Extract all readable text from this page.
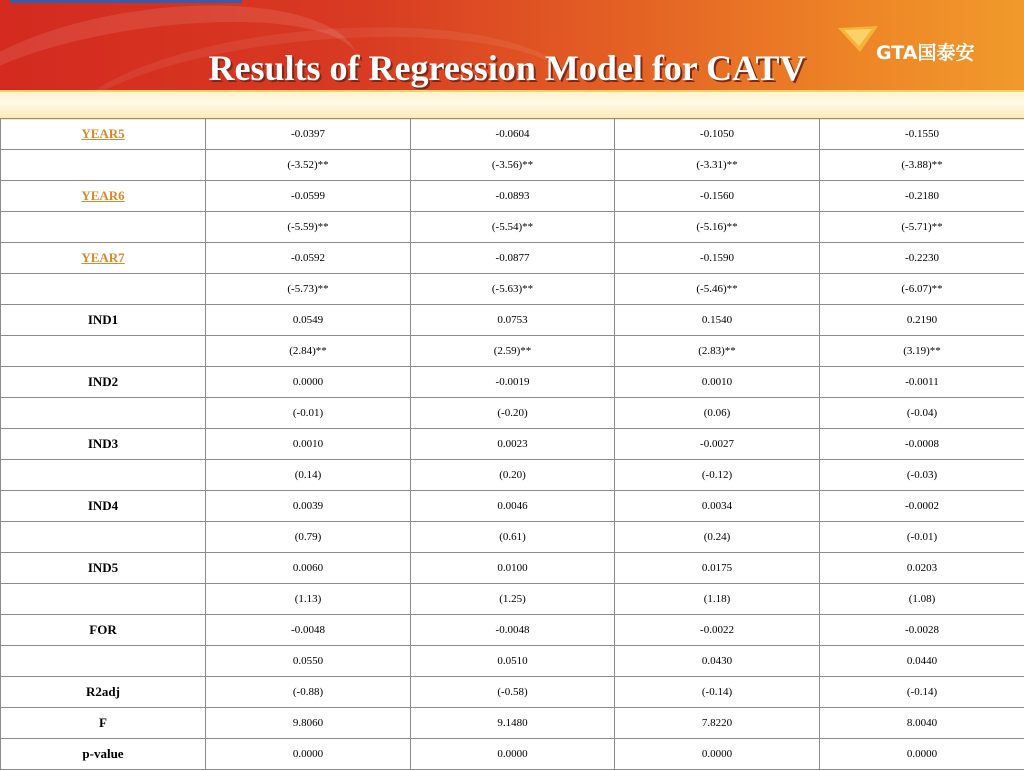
Results of Regression Model for CATV	GTA国泰安
YEAR5	-0.0397	-0.0604	-0.1050	-0.1550
	(-3.52)**	(-3.56)**	(-3.31)**	(-3.88)**
YEAR6	-0.0599	-0.0893	-0.1560	-0.2180
	(-5.59)**	(-5.54)**	(-5.16)**	(-5.71)**
YEAR7	-0.0592	-0.0877	-0.1590	-0.2230
	(-5.73)**	(-5.63)**	(-5.46)**	(-6.07)**
IND1	0.0549	0.0753	0.1540	0.2190
	(2.84)**	(2.59)**	(2.83)**	(3.19)**
IND2	0.0000	-0.0019	0.0010	-0.0011
	(-0.01)	(-0.20)	(0.06)	(-0.04)
IND3	0.0010	0.0023	-0.0027	-0.0008
	(0.14)	(0.20)	(-0.12)	(-0.03)
IND4	0.0039	0.0046	0.0034	-0.0002
	(0.79)	(0.61)	(0.24)	(-0.01)
IND5	0.0060	0.0100	0.0175	0.0203
	(1.13)	(1.25)	(1.18)	(1.08)
FOR	-0.0048	-0.0048	-0.0022	-0.0028
	0.0550	0.0510	0.0430	0.0440
R2adj	(-0.88)	(-0.58)	(-0.14)	(-0.14)
F	9.8060	9.1480	7.8220	8.0040
p-value	0.0000	0.0000	0.0000	0.0000
